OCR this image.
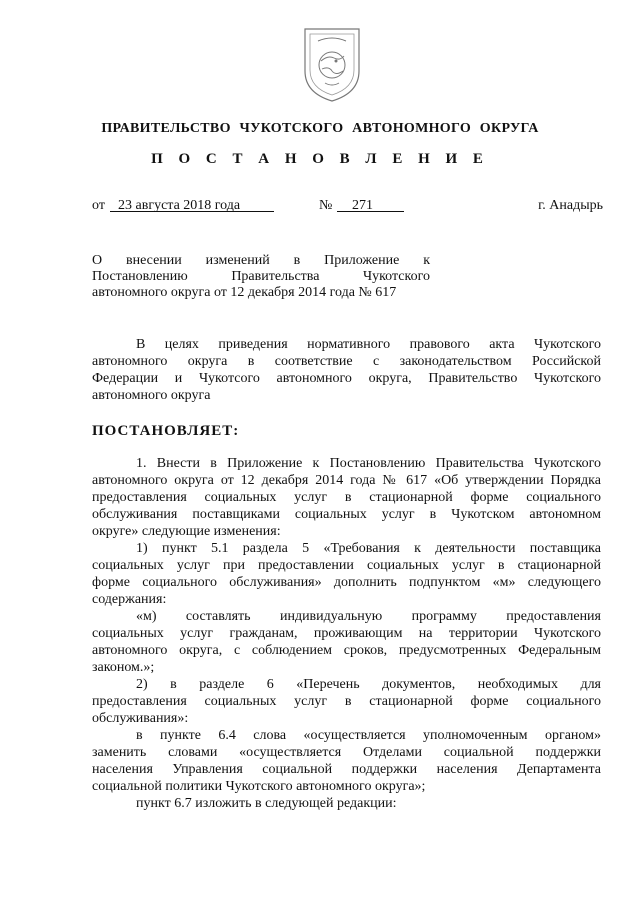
ПРАВИТЕЛЬСТВО ЧУКОТСКОГО АВТОНОМНОГО ОКРУГА
П О С Т А Н О В Л Е Н И Е
от 23 августа 2018 года	№ 271	г. Анадырь

О внесении изменений в Приложение к

Постановлению Правительства Чукотского

автономного округа от 12 декабря 2014 года № 617

В целях приведения нормативного правового акта Чукотского

автономного округа в соответствие с законодательством Российской

Федерации и Чукотсого автономного округа, Правительство Чукотского

автономного округа

ПОСТАНОВЛЯЕТ:

1. Внести в Приложение к Постановлению Правительства Чукотского

автономного округа от 12 декабря 2014 года № 617 «Об утверждении Порядка

предоставления социальных услуг в стационарной форме социального

обслуживания поставщиками социальных услуг в Чукотском автономном

округе» следующие изменения:

1) пункт 5.1 раздела 5 «Требования к деятельности поставщика

социальных услуг при предоставлении социальных услуг в стационарной

форме социального обслуживания» дополнить подпунктом «м» следующего

содержания:

«м) составлять индивидуальную программу предоставления

социальных услуг гражданам, проживающим на территории Чукотского

автономного округа, с соблюдением сроков, предусмотренных Федеральным

законом.»;

2) в разделе 6 «Перечень документов, необходимых для

предоставления социальных услуг в стационарной форме социального

обслуживания»:

в пункте 6.4 слова «осуществляется уполномоченным органом»

заменить словами «осуществляется Отделами социальной поддержки

населения Управления социальной поддержки населения Департамента

социальной политики Чукотского автономного округа»;

пункт 6.7 изложить в следующей редакции:
